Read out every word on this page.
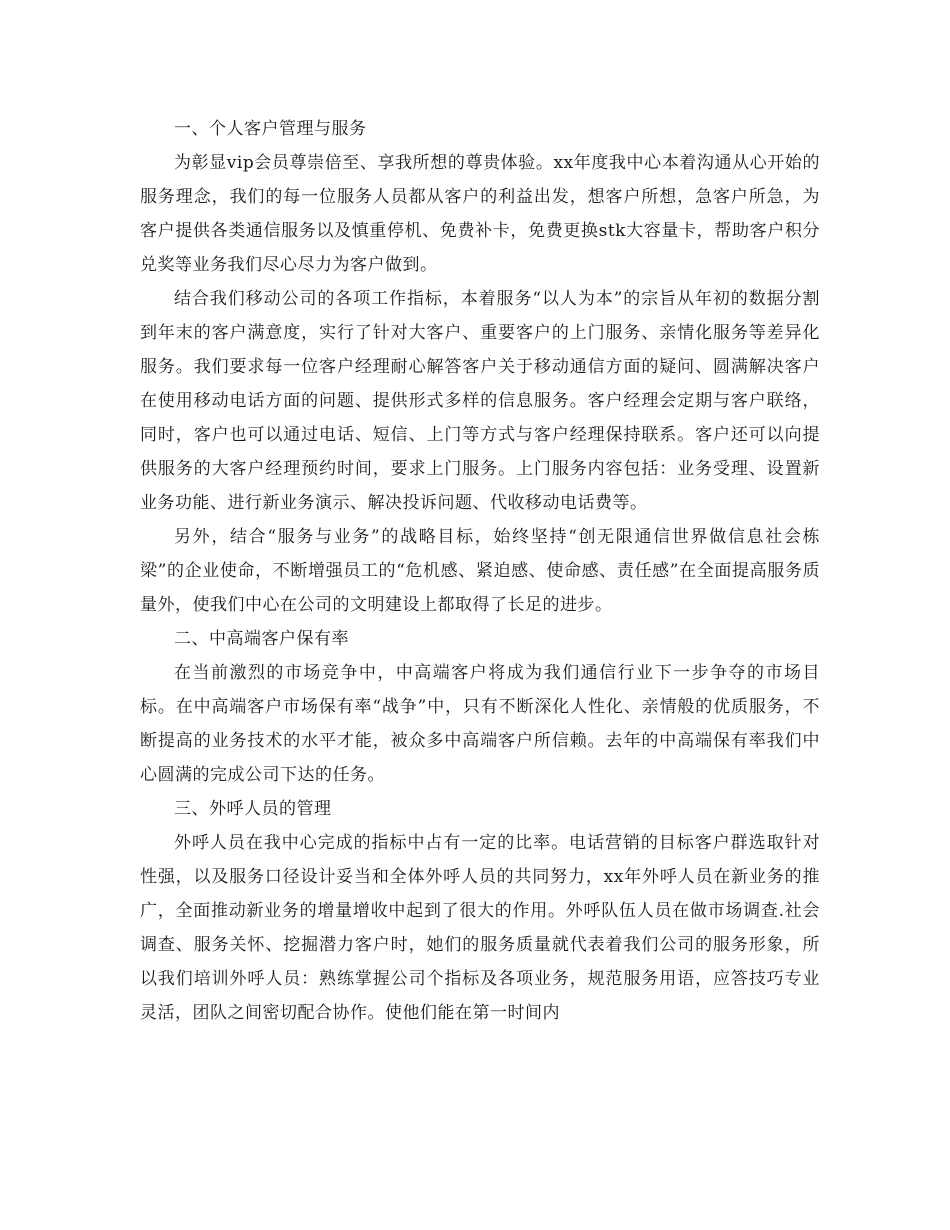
一、个人客户管理与服务

为彰显vip会员尊崇倍至、享我所想的尊贵体验。xx年度我中心本着沟通从心开始的服务理念，我们的每一位服务人员都从客户的利益出发，想客户所想，急客户所急，为客户提供各类通信服务以及慎重停机、免费补卡，免费更换stk大容量卡，帮助客户积分兑奖等业务我们尽心尽力为客户做到。

结合我们移动公司的各项工作指标，本着服务“以人为本”的宗旨从年初的数据分割到年末的客户满意度，实行了针对大客户、重要客户的上门服务、亲情化服务等差异化服务。我们要求每一位客户经理耐心解答客户关于移动通信方面的疑问、圆满解决客户在使用移动电话方面的问题、提供形式多样的信息服务。客户经理会定期与客户联络，同时，客户也可以通过电话、短信、上门等方式与客户经理保持联系。客户还可以向提供服务的大客户经理预约时间，要求上门服务。上门服务内容包括：业务受理、设置新业务功能、进行新业务演示、解决投诉问题、代收移动电话费等。

另外，结合“服务与业务”的战略目标，始终坚持“创无限通信世界做信息社会栋梁”的企业使命，不断增强员工的“危机感、紧迫感、使命感、责任感”在全面提高服务质量外，使我们中心在公司的文明建设上都取得了长足的进步。

二、中高端客户保有率

在当前激烈的市场竞争中，中高端客户将成为我们通信行业下一步争夺的市场目标。在中高端客户市场保有率“战争”中，只有不断深化人性化、亲情般的优质服务，不断提高的业务技术的水平才能，被众多中高端客户所信赖。去年的中高端保有率我们中心圆满的完成公司下达的任务。

三、外呼人员的管理

外呼人员在我中心完成的指标中占有一定的比率。电话营销的目标客户群选取针对性强，以及服务口径设计妥当和全体外呼人员的共同努力，xx年外呼人员在新业务的推广，全面推动新业务的增量增收中起到了很大的作用。外呼队伍人员在做市场调查.社会调查、服务关怀、挖掘潜力客户时，她们的服务质量就代表着我们公司的服务形象，所以我们培训外呼人员：熟练掌握公司个指标及各项业务，规范服务用语，应答技巧专业灵活，团队之间密切配合协作。使他们能在第一时间内
